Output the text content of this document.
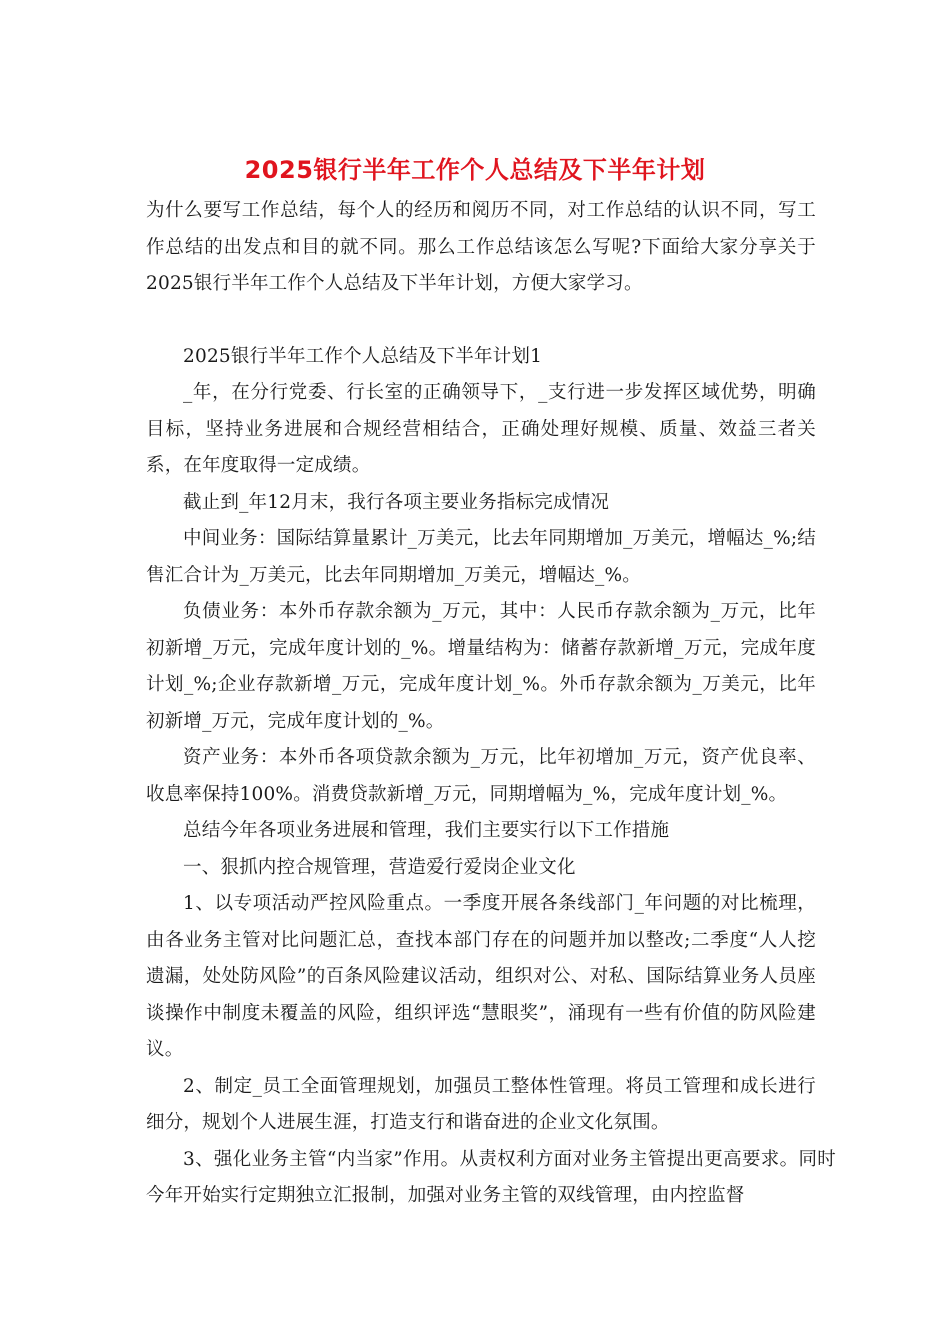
2025银行半年工作个人总结及下半年计划

为什么要写工作总结，每个人的经历和阅历不同，对工作总结的认识不同，写工作总结的出发点和目的就不同。那么工作总结该怎么写呢?下面给大家分享关于2025银行半年工作个人总结及下半年计划，方便大家学习。

2025银行半年工作个人总结及下半年计划1

_年，在分行党委、行长室的正确领导下，_支行进一步发挥区域优势，明确目标，坚持业务进展和合规经营相结合，正确处理好规模、质量、效益三者关系，在年度取得一定成绩。

截止到_年12月末，我行各项主要业务指标完成情况

中间业务：国际结算量累计_万美元，比去年同期增加_万美元，增幅达_%;结售汇合计为_万美元，比去年同期增加_万美元，增幅达_%。

负债业务：本外币存款余额为_万元，其中：人民币存款余额为_万元，比年初新增_万元，完成年度计划的_%。增量结构为：储蓄存款新增_万元，完成年度计划_%;企业存款新增_万元，完成年度计划_%。外币存款余额为_万美元，比年初新增_万元，完成年度计划的_%。

资产业务：本外币各项贷款余额为_万元，比年初增加_万元，资产优良率、收息率保持100%。消费贷款新增_万元，同期增幅为_%，完成年度计划_%。

总结今年各项业务进展和管理，我们主要实行以下工作措施

一、狠抓内控合规管理，营造爱行爱岗企业文化

1、以专项活动严控风险重点。一季度开展各条线部门_年问题的对比梳理，由各业务主管对比问题汇总，查找本部门存在的问题并加以整改;二季度“人人挖遗漏，处处防风险”的百条风险建议活动，组织对公、对私、国际结算业务人员座谈操作中制度未覆盖的风险，组织评选“慧眼奖”，涌现有一些有价值的防风险建议。

2、制定_员工全面管理规划，加强员工整体性管理。将员工管理和成长进行细分，规划个人进展生涯，打造支行和谐奋进的企业文化氛围。

3、强化业务主管“内当家”作用。从责权利方面对业务主管提出更高要求。同时今年开始实行定期独立汇报制，加强对业务主管的双线管理，由内控监督
